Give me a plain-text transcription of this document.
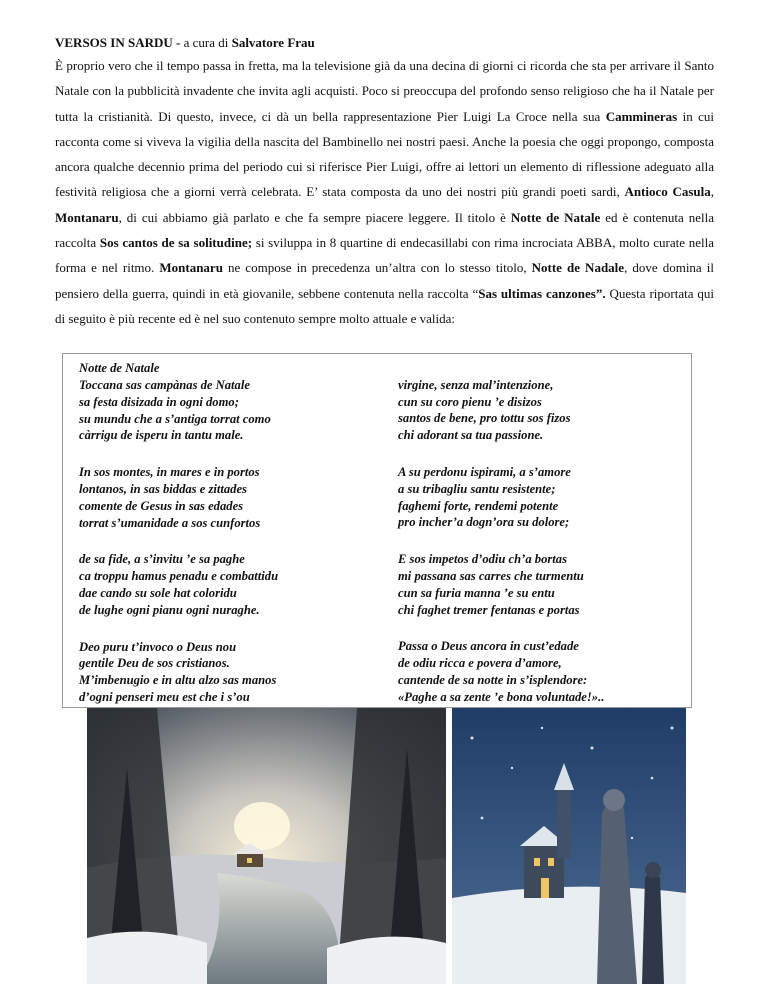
VERSOS IN SARDU - a cura di Salvatore Frau
È proprio vero che il tempo passa in fretta, ma la televisione già da una decina di giorni ci ricorda che sta per arrivare il Santo Natale con la pubblicità invadente che invita agli acquisti. Poco si preoccupa del profondo senso religioso che ha il Natale per tutta la cristianità. Di questo, invece, ci dà un bella rappresentazione Pier Luigi La Croce nella sua Cammineras in cui racconta come si viveva la vigilia della nascita del Bambinello nei nostri paesi. Anche la poesia che oggi propongo, composta ancora qualche decennio prima del periodo cui si riferisce Pier Luigi, offre ai lettori un elemento di riflessione adeguato alla festività religiosa che a giorni verrà celebrata. E’ stata composta da uno dei nostri più grandi poeti sardi, Antioco Casula, Montanaru, di cui abbiamo già parlato e che fa sempre piacere leggere. Il titolo è Notte de Natale ed è contenuta nella raccolta Sos cantos de sa solitudine; si sviluppa in 8 quartine di endecasillabi con rima incrociata ABBA, molto curate nella forma e nel ritmo. Montanaru ne compose in precedenza un’altra con lo stesso titolo, Notte de Nadale, dove domina il pensiero della guerra, quindi in età giovanile, sebbene contenuta nella raccolta “Sas ultimas canzones”. Questa riportata qui di seguito è più recente ed è nel suo contenuto sempre molto attuale e valida:
Notte de Natale
Toccana sas campànas de Natale
sa festa disizada in ogni domo;
su mundu che a s’antiga torrat como
càrrigu de isperu in tantu male.
In sos montes, in mares e in portos
lontanos, in sas biddas e zittades
comente de Gesus in sas edades
torrat s’umanidade a sos cunfortos
de sa fide, a s’invitu ’e sa paghe
ca troppu hamus penadu e combattidu
dae cando su sole hat coloridu
de lughe ogni pianu ogni nuraghe.
Deo puru t’invoco o Deus nou
gentile Deu de sos cristianos.
M’imbenugio e in altu alzo sas manos
d’ogni penseri meu est che i s’ou
virgine, senza mal’intenzione,
cun su coro pienu ’e disizos
santos de bene, pro tottu sos fizos
chi adorant sa tua passione.
A su perdonu ispirami, a s’amore
a su tribagliu santu resistente;
faghemi forte, rendemi potente
pro incher’a dogn’ora su dolore;
E sos impetos d’odiu ch’a bortas
mi passana sas carres che turmentu
cun sa furia manna ’e su entu
chi faghet tremer fentanas e portas
Passa o Deus ancora in cust’edade
de odiu ricca e povera d’amore,
cantende de sa notte in s’isplendore:
«Paghe a sa zente ’e bona voluntade!»..
